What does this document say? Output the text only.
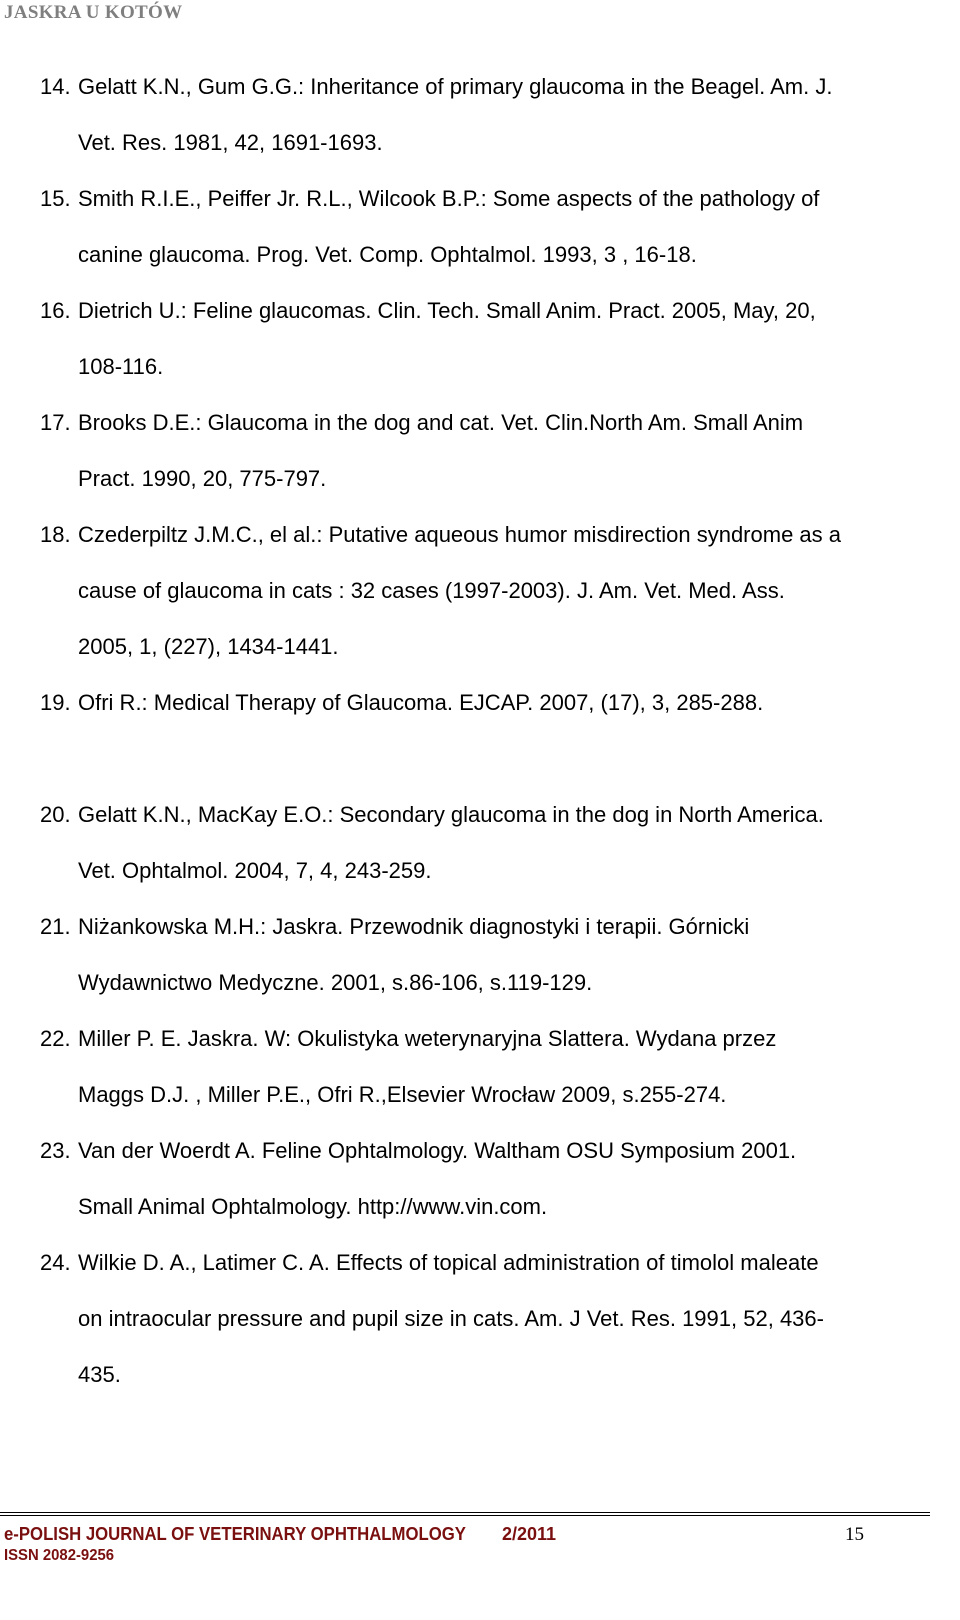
JASKRA U KOTÓW
14. Gelatt K.N., Gum G.G.: Inheritance of primary glaucoma in the Beagel. Am. J.
Vet. Res. 1981, 42, 1691-1693.
15. Smith R.I.E., Peiffer Jr. R.L., Wilcook B.P.: Some aspects of the pathology of
canine glaucoma. Prog. Vet. Comp. Ophtalmol. 1993, 3 , 16-18.
16. Dietrich U.: Feline glaucomas. Clin. Tech. Small Anim. Pract. 2005, May, 20,
108-116.
17. Brooks D.E.: Glaucoma in the dog and cat. Vet. Clin.North Am. Small Anim
Pract. 1990, 20, 775-797.
18. Czederpiltz J.M.C., el al.: Putative aqueous humor misdirection syndrome as a
cause of glaucoma in cats : 32 cases (1997-2003). J. Am. Vet. Med. Ass.
2005, 1, (227), 1434-1441.
19. Ofri R.: Medical Therapy of Glaucoma. EJCAP. 2007, (17), 3, 285-288.
20. Gelatt K.N., MacKay E.O.: Secondary glaucoma in the dog in North America.
Vet. Ophtalmol. 2004, 7, 4, 243-259.
21. Niżankowska M.H.: Jaskra. Przewodnik diagnostyki i terapii. Górnicki
Wydawnictwo Medyczne. 2001, s.86-106, s.119-129.
22. Miller P. E. Jaskra. W: Okulistyka weterynaryjna Slattera. Wydana przez
Maggs D.J. , Miller P.E., Ofri R.,Elsevier Wrocław 2009, s.255-274.
23. Van der Woerdt A. Feline Ophtalmology. Waltham OSU Symposium 2001.
Small Animal Ophtalmology. http://www.vin.com.
24. Wilkie D. A., Latimer C. A. Effects of topical administration of timolol maleate
on intraocular pressure and pupil size in cats. Am. J Vet. Res. 1991, 52, 436-
435.
e-POLISH JOURNAL OF VETERINARY OPHTHALMOLOGY 2/2011	15
ISSN 2082-9256
